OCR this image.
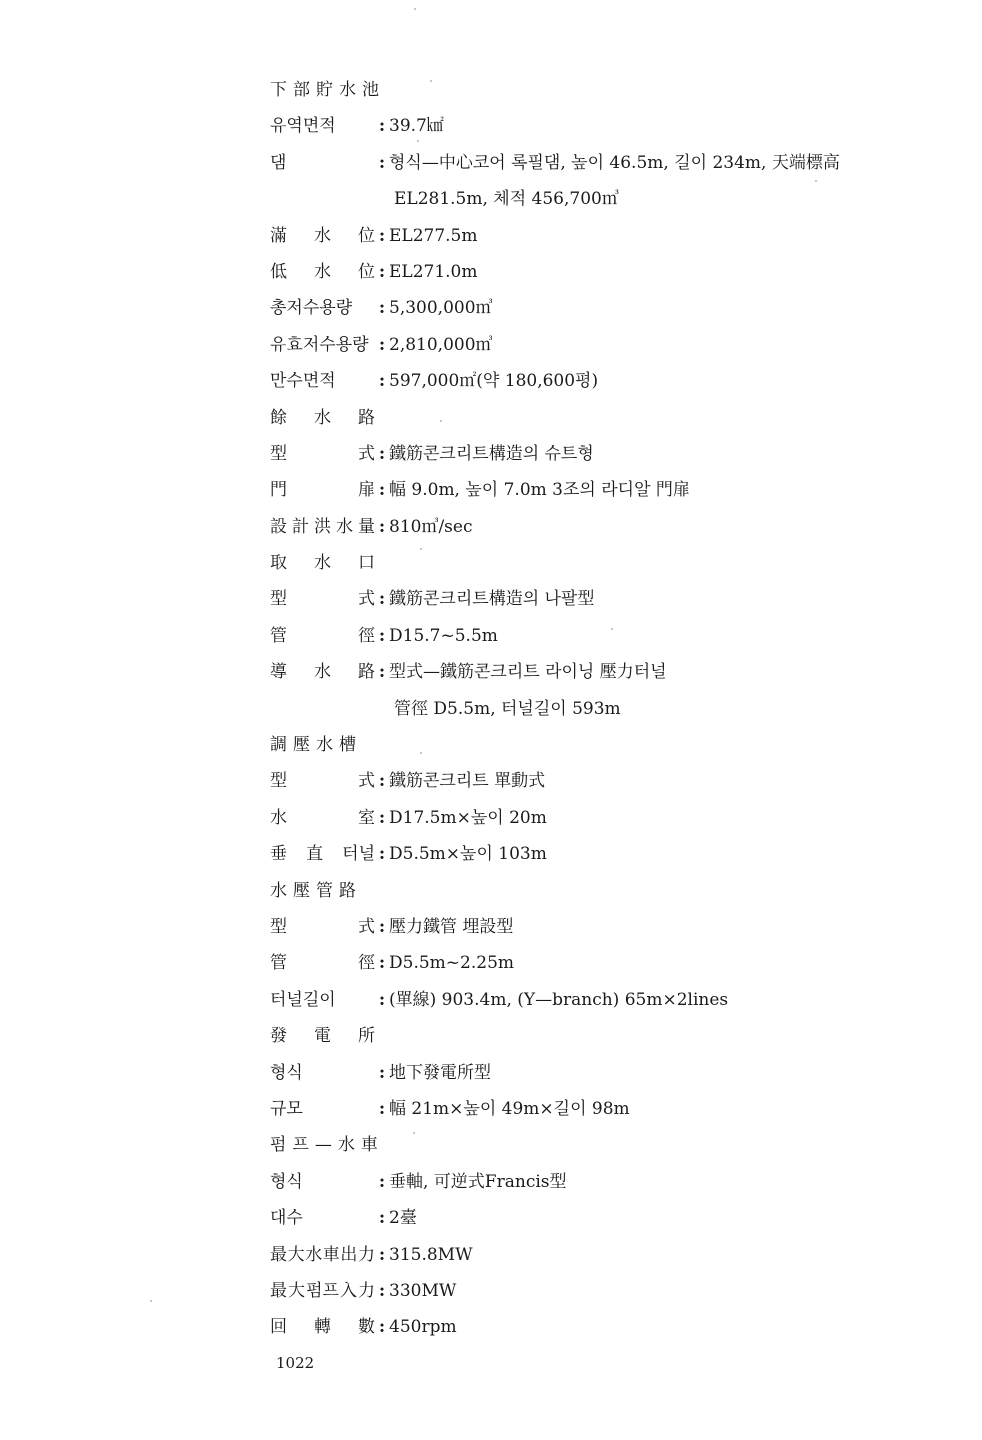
下部貯水池
유역면적	: 39.7㎢
댐	: 형식—中心코어 록필댐, 높이 46.5m, 길이 234m, 天端標高
EL281.5m, 체적 456,700㎥
滿水位 : EL277.5m
低水位 : EL271.0m
총저수용량	: 5,300,000㎥
유효저수용량 : 2,810,000㎥
만수면적	: 597,000㎡(약 180,600평)
餘水路
型式 : 鐵筋콘크리트構造의 슈트형
門扉 : 幅 9.0m, 높이 7.0m 3조의 라디알 門扉
設計洪水量 : 810㎥/sec
取水口
型式 : 鐵筋콘크리트構造의 나팔型
管徑 : D15.7~5.5m
導水路 : 型式—鐵筋콘크리트 라이닝 壓力터널
管徑 D5.5m, 터널길이 593m
調壓水槽
型式 : 鐵筋콘크리트 單動式
水室 : D17.5m×높이 20m
垂直터널 : D5.5m×높이 103m
水壓管路
型式 : 壓力鐵管 埋設型
管徑 : D5.5m~2.25m
터널길이	: (單線) 903.4m, (Y—branch) 65m×2lines
發電所
형식	: 地下發電所型
규모	: 幅 21m×높이 49m×길이 98m
펌프—水車
형식	: 垂軸, 可逆式Francis型
대수	: 2臺
最大水車出力 : 315.8MW
最大펌프入力 : 330MW
回轉數 : 450rpm
1022
